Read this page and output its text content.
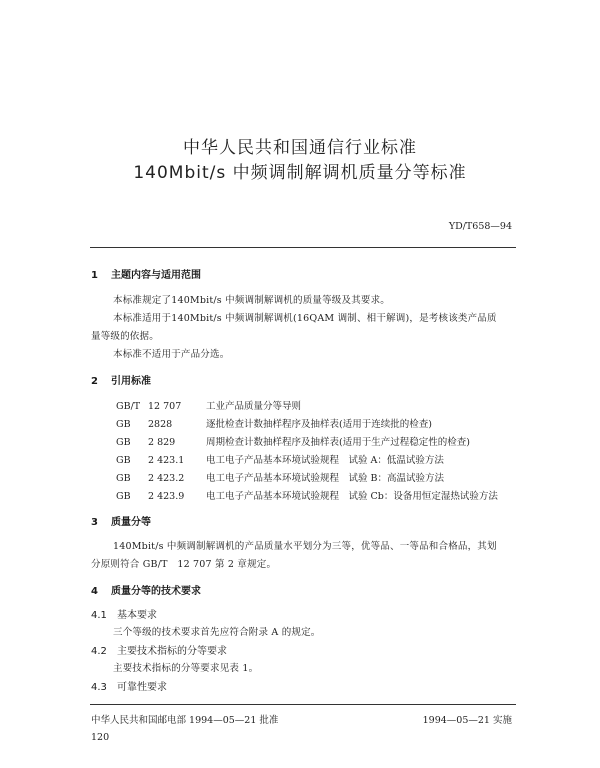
中华人民共和国通信行业标准
140Mbit/s 中频调制解调机质量分等标准
YD/T658—94
1 主题内容与适用范围
本标准规定了140Mbit/s 中频调制解调机的质量等级及其要求。
本标准适用于140Mbit/s 中频调制解调机(16QAM 调制、相干解调)，是考核该类产品质
量等级的依据。
本标准不适用于产品分选。
2 引用标准
GB/T 12 707	工业产品质量分等导则
GB 2828	逐批检查计数抽样程序及抽样表(适用于连续批的检查)
GB 2 829	周期检查计数抽样程序及抽样表(适用于生产过程稳定性的检查)
GB 2 423.1 电工电子产品基本环境试验规程　试验 A：低温试验方法
GB 2 423.2 电工电子产品基本环境试验规程　试验 B：高温试验方法
GB 2 423.9 电工电子产品基本环境试验规程　试验 Cb：设备用恒定湿热试验方法
3 质量分等
140Mbit/s 中频调制解调机的产品质量水平划分为三等，优等品、一等品和合格品，其划
分原则符合 GB/T　12 707 第 2 章规定。
4 质量分等的技术要求
4.1 基本要求
三个等级的技术要求首先应符合附录 A 的规定。
4.2 主要技术指标的分等要求
主要技术指标的分等要求见表 1。
4.3 可靠性要求
中华人民共和国邮电部 1994—05—21 批准	1994—05—21 实施
120
